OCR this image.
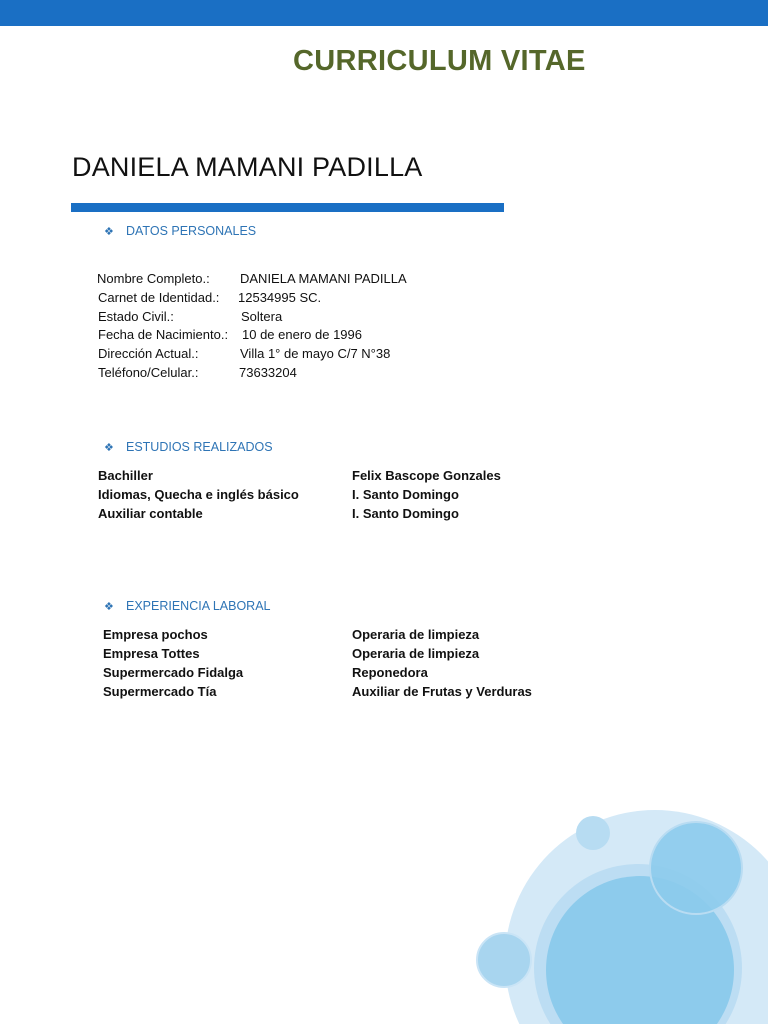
CURRICULUM VITAE
DANIELA MAMANI PADILLA
❖ DATOS PERSONALES
Nombre Completo.: DANIELA MAMANI PADILLA
Carnet de Identidad.: 12534995 SC.
Estado Civil.:	Soltera
Fecha de Nacimiento.: 10 de enero de 1996
Dirección Actual.:	Villa 1° de mayo C/7 N°38
Teléfono/Celular.:	73633204
❖ ESTUDIOS REALIZADOS
Bachiller	Felix Bascope Gonzales
Idiomas, Quecha e inglés básico	I. Santo Domingo
Auxiliar contable	I. Santo Domingo
❖ EXPERIENCIA LABORAL
Empresa pochos	Operaria de limpieza
Empresa Tottes	Operaria de limpieza
Supermercado Fidalga	Reponedora
Supermercado Tía	Auxiliar de Frutas y Verduras
